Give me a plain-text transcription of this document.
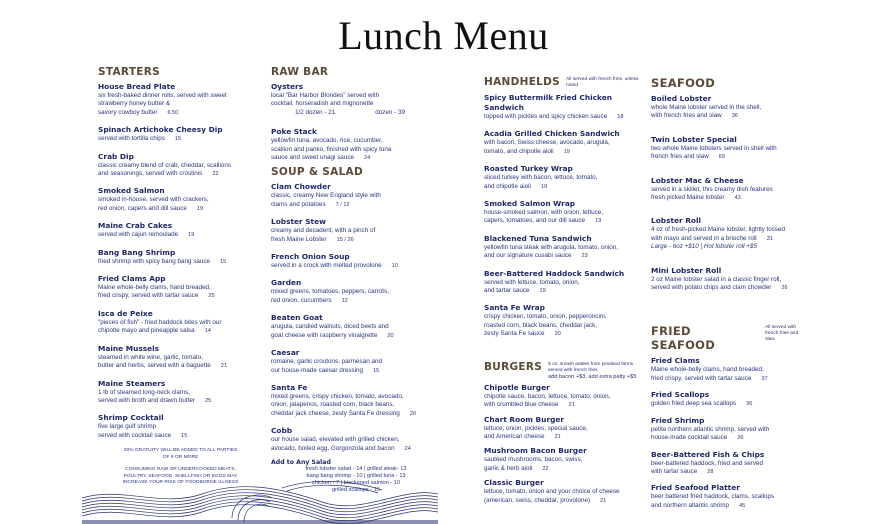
Lunch Menu
STARTERS
House Bread Plate
six fresh-baked dinner rolls, served with sweet
strawberry honey butter &
savory cowboy butter 6.50
Spinach Artichoke Cheesy Dip
served with tortilla chips 15
Crab Dip
classic creamy blend of crab, cheddar, scallions
and seasonings, served with crostinis 22
Smoked Salmon
smoked in-house, served with crackers,
red onion, capers and dill sauce 19
Maine Crab Cakes
served with cajun remoulade 19
Bang Bang Shrimp
fried shrimp with spicy bang bang sauce 15
Fried Clams App
Maine whole-belly clams, hand breaded,
fried crispy, served with tartar sauce 25
Isca de Peixe
"pieces of fish" - fried haddock bites with our
chipotle mayo and pineapple salsa 14
Maine Mussels
steamed in white wine, garlic, tomato,
butter and herbs, served with a baguette 21
Maine Steamers
1 lb of steamed long-neck clams,
served with broth and drawn butter 25
Shrimp Cocktail
five large gulf shrimp
served with cocktail sauce 15
20% GRATUITY WILL BE ADDED TO ALL PARTIES
OF 8 OR MORE
CONSUMING RAW OR UNDERCOOKED MEATS,
POULTRY, SEAFOOD, SHELLFISH OR EGGS MAY
INCREASE YOUR RISK OF FOODBORNE ILLNESS
RAW BAR
Oysters
local "Bar Harbor Blondes" served with
cocktail, horseradish and mignonette
1/2 dozen - 21	dozen - 39
Poke Stack
yellowfin tuna, avocado, rice, cucumber,
scallion and panko, finished with spicy tuna
sauce and sweet unagi sauce 24
SOUP & SALAD
Clam Chowder
classic, creamy New England style with
clams and potatoes 7 / 12
Lobster Stew
creamy and decadent, with a pinch of
fresh Maine Lobster 15 / 26
French Onion Soup
served in a crock with melted provolone 10
Garden
mixed greens, tomatoes, peppers, carrots,
red onion, cucumbers 12
Beaten Goat
arugula, candied walnuts, diced beets and
goat cheese with raspberry vinaigrette 20
Caesar
romaine, garlic croutons, parmesan and
our house-made caesar dressing 15
Santa Fe
mixed greens, crispy chicken, tomato, avocado,
onion, jalapenos, roasted corn, black beans,
cheddar jack cheese, zesty Santa Fe dressing 20
Cobb
our house salad, elevated with grilled chicken,
avocado, boiled egg, Gorgonzola and bacon 24
Add to Any Salad
fresh lobster salad - 14 | grilled steak- 13
bang bang shrimp - 10 | grilled tuna - 13
chicken - 7 | blackened salmon - 10
grilled scallops - 15
HANDHELDS All served with french fries, unless
noted
Spicy Buttermilk Fried Chicken Sandwich
topped with pickles and spicy chicken sauce 18
Acadia Grilled Chicken Sandwich
with bacon, Swiss cheese, avocado, arugula,
tomato, and chipotle aioli 19
Roasted Turkey Wrap
sliced turkey with bacon, lettuce, tomato,
and chipotle aioli 19
Smoked Salmon Wrap
house-smoked salmon, with onion, lettuce,
capers, tomatoes, and our dill sauce 19
Blackened Tuna Sandwich
yellowfin tuna steak with arugula, tomato, onion,
and our signature cusabi sauce 23
Beer-Battered Haddock Sandwich
served with lettuce, tomato, onion,
and tartar sauce 19
Santa Fe Wrap
crispy chicken, tomato, onion, pepperoncini,
roasted corn, black beans, cheddar jack,
zesty Santa Fe sauce 20
BURGERS 5 oz. smash patties from pineland farms
served with french fries
add bacon +$3, add extra patty +$5
Chipotle Burger
chipotle sauce, bacon, lettuce, tomato, onion,
with crumbled blue cheese 21
Chart Room Burger
lettuce, onion, pickles, special sauce,
and American cheese 21
Mushroom Bacon Burger
sautéed mushrooms, bacon, swiss,
garlic & herb aioli 22
Classic Burger
lettuce, tomato, onion and your choice of cheese
(american, swiss, cheddar, provolone) 21
SEAFOOD
Boiled Lobster
whole Maine lobster served in the shell,
with french fries and slaw 36
Twin Lobster Special
two whole Maine lobsters served in shell with
french fries and slaw 69
Lobster Mac & Cheese
served in a skillet, this creamy dish features
fresh picked Maine lobster 43
Lobster Roll
4 oz of fresh-picked Maine lobster, lightly tossed
with mayo and served in a brioche roll 31
Large - 6oz +$10 | Hot lobster roll +$5
Mini Lobster Roll
2 oz Maine lobster salad in a classic finger roll,
served with potato chips and clam chowder 26
FRIED SEAFOOD
All served with
french fries and slaw
Fried Clams
Maine whole-belly clams, hand breaded,
fried crispy, served with tartar sauce 37
Fried Scallops
golden fried deep sea scallops 36
Fried Shrimp
petite northern atlantic shrimp, served with
house-made cocktail sauce 26
Beer-Battered Fish & Chips
beer-battered haddock, fried and served
with tartar sauce 28
Fried Seafood Platter
beer battered fried haddock, clams, scallops
and northern atlantic shrimp 45
